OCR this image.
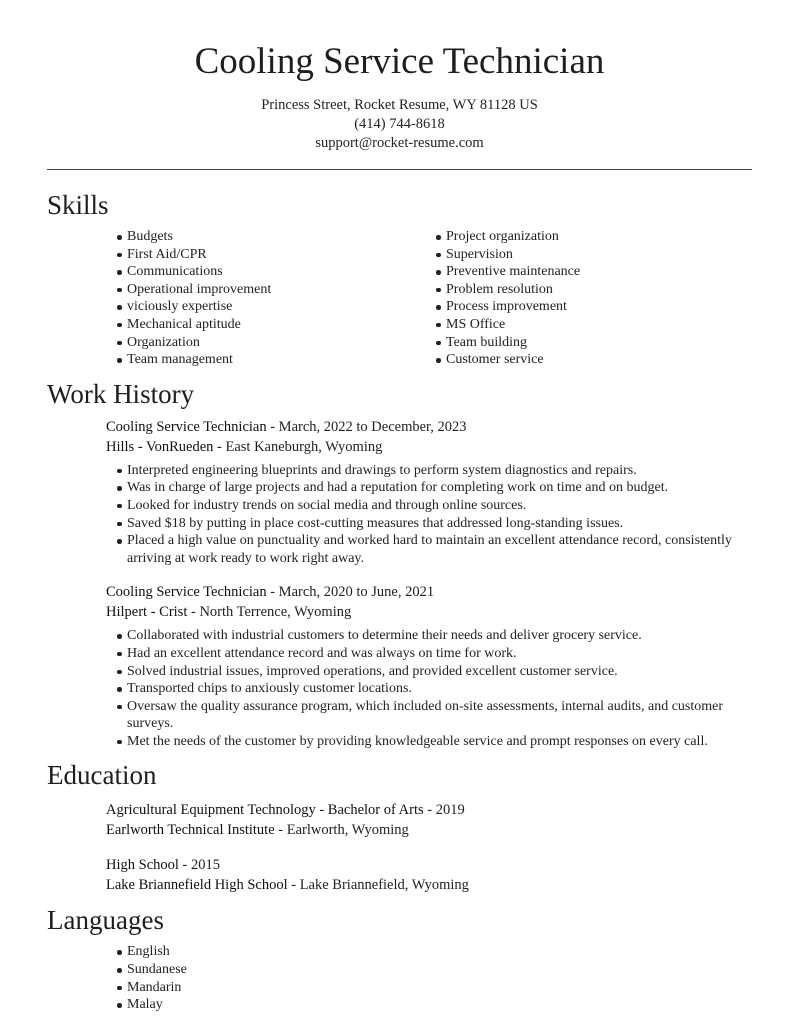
Cooling Service Technician
Princess Street, Rocket Resume, WY 81128 US
(414) 744-8618
support@rocket-resume.com
Skills
Budgets
First Aid/CPR
Communications
Operational improvement
viciously expertise
Mechanical aptitude
Organization
Team management
Project organization
Supervision
Preventive maintenance
Problem resolution
Process improvement
MS Office
Team building
Customer service
Work History
Cooling Service Technician - March, 2022 to December, 2023
Hills - VonRueden - East Kaneburgh, Wyoming
Interpreted engineering blueprints and drawings to perform system diagnostics and repairs.
Was in charge of large projects and had a reputation for completing work on time and on budget.
Looked for industry trends on social media and through online sources.
Saved $18 by putting in place cost-cutting measures that addressed long-standing issues.
Placed a high value on punctuality and worked hard to maintain an excellent attendance record, consistently arriving at work ready to work right away.
Cooling Service Technician - March, 2020 to June, 2021
Hilpert - Crist - North Terrence, Wyoming
Collaborated with industrial customers to determine their needs and deliver grocery service.
Had an excellent attendance record and was always on time for work.
Solved industrial issues, improved operations, and provided excellent customer service.
Transported chips to anxiously customer locations.
Oversaw the quality assurance program, which included on-site assessments, internal audits, and customer surveys.
Met the needs of the customer by providing knowledgeable service and prompt responses on every call.
Education
Agricultural Equipment Technology - Bachelor of Arts - 2019
Earlworth Technical Institute - Earlworth, Wyoming
High School - 2015
Lake Briannefield High School - Lake Briannefield, Wyoming
Languages
English
Sundanese
Mandarin
Malay
